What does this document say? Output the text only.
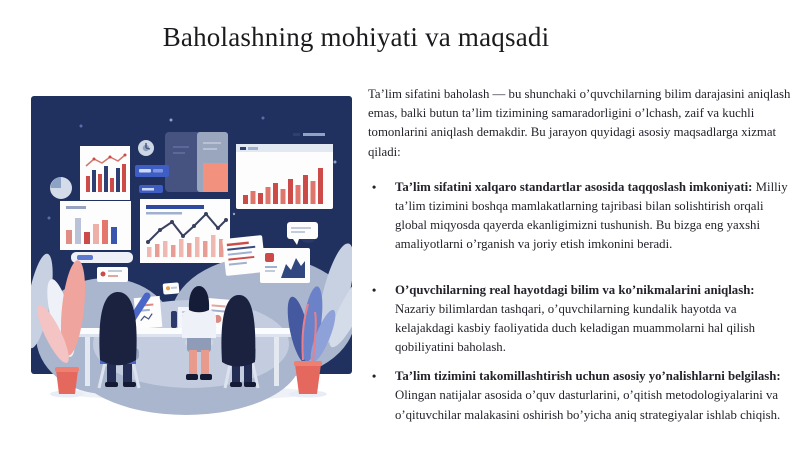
Baholashning mohiyati va maqsadi

Ta’lim sifatini baholash — bu shunchaki o’quvchilarning bilim darajasini aniqlash emas, balki butun ta’lim tizimining samaradorligini o’lchash, zaif va kuchli tomonlarini aniqlash demakdir. Bu jarayon quyidagi asosiy maqsadlarga xizmat qiladi:

• Ta’lim sifatini xalqaro standartlar asosida taqqoslash imkoniyati: Milliy ta’lim tizimini boshqa mamlakatlarning tajribasi bilan solishtirish orqali global miqyosda qayerda ekanligimizni tushunish. Bu bizga eng yaxshi amaliyotlarni o’rganish va joriy etish imkonini beradi.
• O’quvchilarning real hayotdagi bilim va ko’nikmalarini aniqlash: Nazariy bilimlardan tashqari, o’quvchilarning kundalik hayotda va kelajakdagi kasbiy faoliyatida duch keladigan muammolarni hal qilish qobiliyatini baholash.
• Ta’lim tizimini takomillashtirish uchun asosiy yo’nalishlarni belgilash: Olingan natijalar asosida o’quv dasturlarini, o’qitish metodologiyalarini va o’qituvchilar malakasini oshirish bo’yicha aniq strategiyalar ishlab chiqish.
